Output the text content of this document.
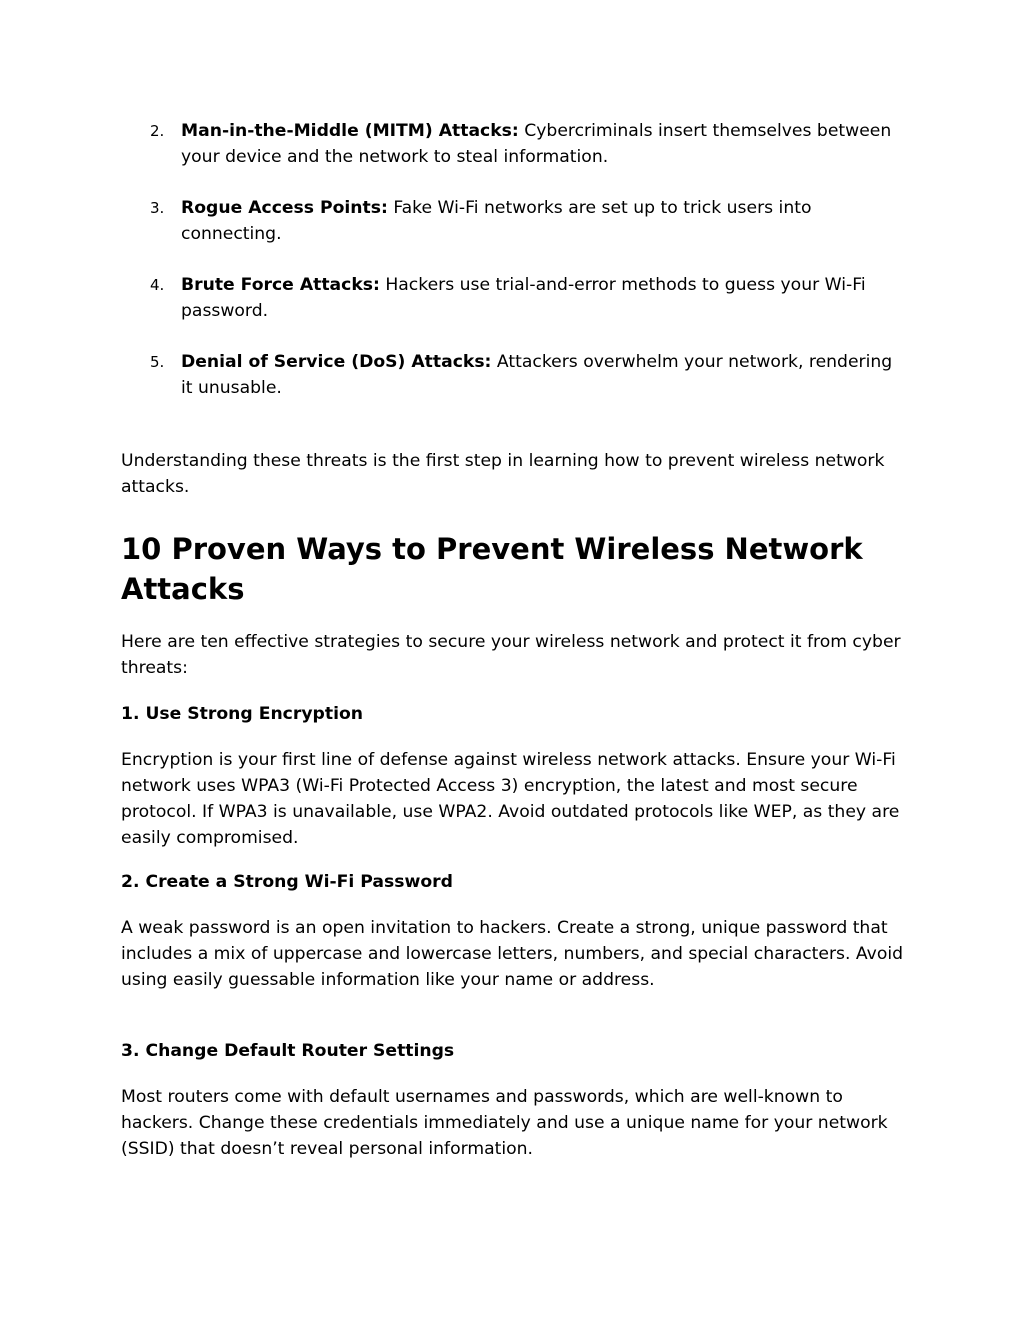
2. Man-in-the-Middle (MITM) Attacks: Cybercriminals insert themselves between your device and the network to steal information.
3. Rogue Access Points: Fake Wi-Fi networks are set up to trick users into connecting.
4. Brute Force Attacks: Hackers use trial-and-error methods to guess your Wi-Fi password.
5. Denial of Service (DoS) Attacks: Attackers overwhelm your network, rendering it unusable.

Understanding these threats is the first step in learning how to prevent wireless network attacks.

10 Proven Ways to Prevent Wireless Network Attacks

Here are ten effective strategies to secure your wireless network and protect it from cyber threats:

1. Use Strong Encryption

Encryption is your first line of defense against wireless network attacks. Ensure your Wi-Fi network uses WPA3 (Wi-Fi Protected Access 3) encryption, the latest and most secure protocol. If WPA3 is unavailable, use WPA2. Avoid outdated protocols like WEP, as they are easily compromised.

2. Create a Strong Wi-Fi Password

A weak password is an open invitation to hackers. Create a strong, unique password that includes a mix of uppercase and lowercase letters, numbers, and special characters. Avoid using easily guessable information like your name or address.

3. Change Default Router Settings

Most routers come with default usernames and passwords, which are well-known to hackers. Change these credentials immediately and use a unique name for your network (SSID) that doesn’t reveal personal information.
